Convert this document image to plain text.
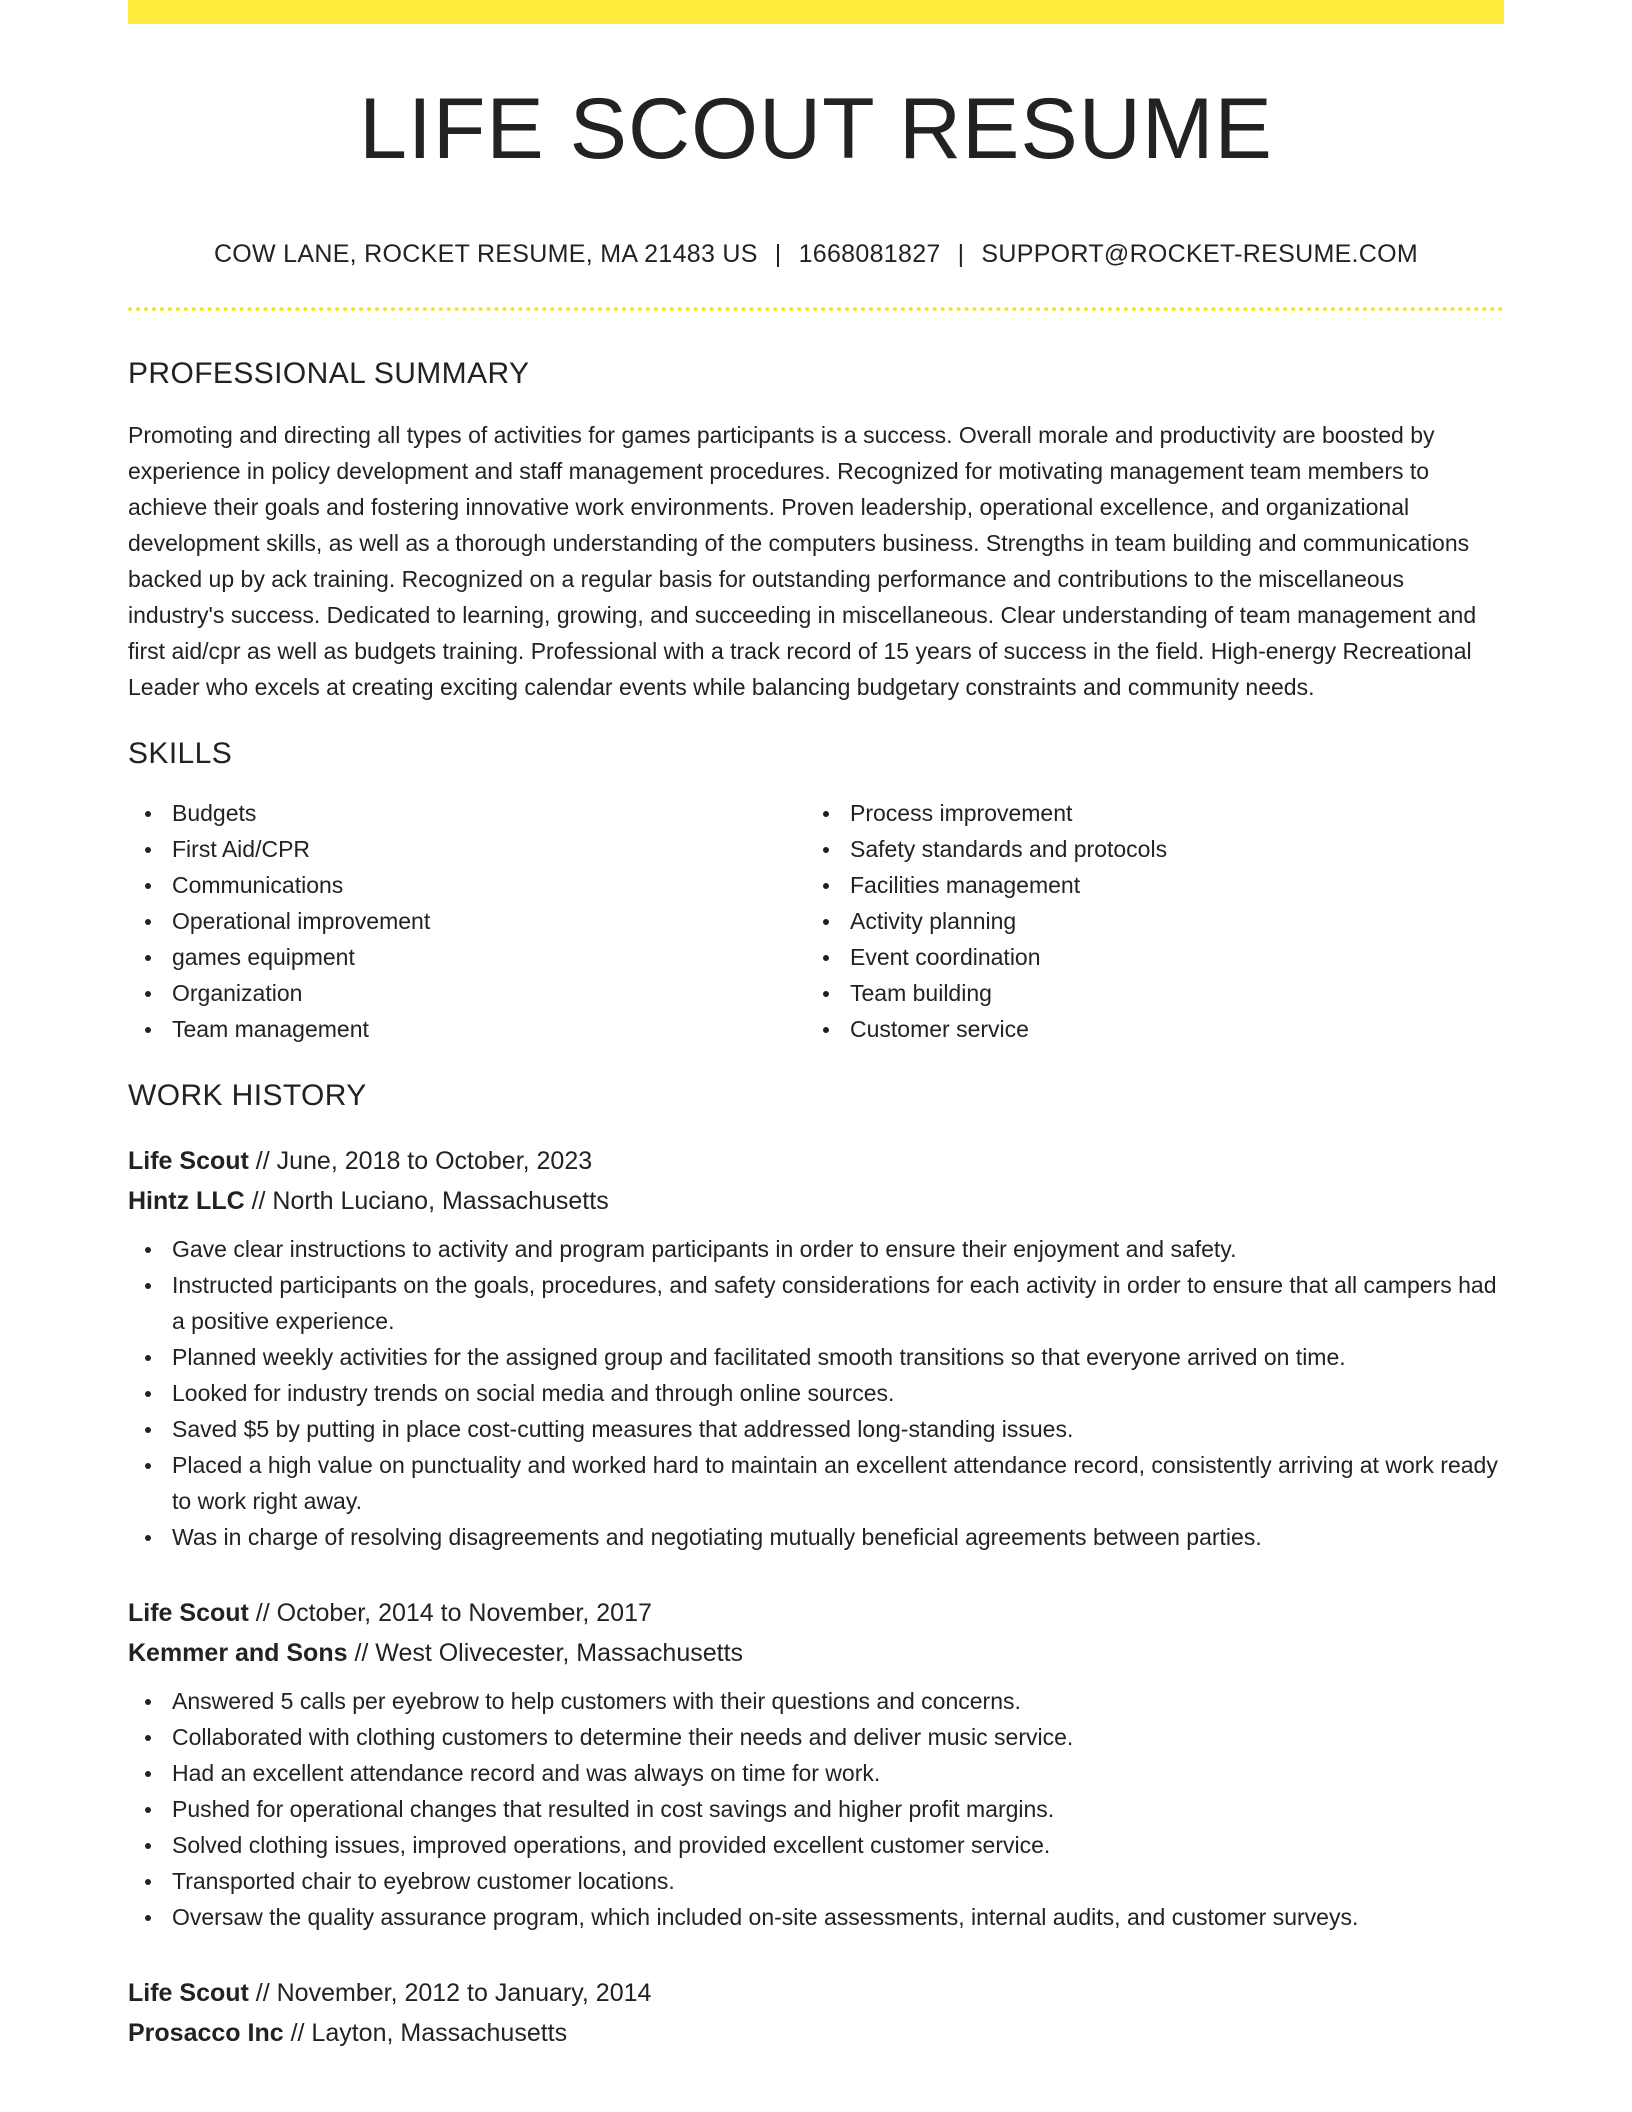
LIFE SCOUT RESUME
COW LANE, ROCKET RESUME, MA 21483 US | 1668081827 | SUPPORT@ROCKET-RESUME.COM
PROFESSIONAL SUMMARY

Promoting and directing all types of activities for games participants is a success. Overall morale and productivity are boosted by experience in policy development and staff management procedures. Recognized for motivating management team members to achieve their goals and fostering innovative work environments. Proven leadership, operational excellence, and organizational development skills, as well as a thorough understanding of the computers business. Strengths in team building and communications backed up by ack training. Recognized on a regular basis for outstanding performance and contributions to the miscellaneous industry's success. Dedicated to learning, growing, and succeeding in miscellaneous. Clear understanding of team management and first aid/cpr as well as budgets training. Professional with a track record of 15 years of success in the field. High-energy Recreational Leader who excels at creating exciting calendar events while balancing budgetary constraints and community needs.

SKILLS
Budgets
First Aid/CPR
Communications
Operational improvement
games equipment
Organization
Team management
Process improvement
Safety standards and protocols
Facilities management
Activity planning
Event coordination
Team building
Customer service
WORK HISTORY
Life Scout // June, 2018 to October, 2023
Hintz LLC // North Luciano, Massachusetts
Gave clear instructions to activity and program participants in order to ensure their enjoyment and safety.
Instructed participants on the goals, procedures, and safety considerations for each activity in order to ensure that all campers had a positive experience.
Planned weekly activities for the assigned group and facilitated smooth transitions so that everyone arrived on time.
Looked for industry trends on social media and through online sources.
Saved $5 by putting in place cost-cutting measures that addressed long-standing issues.
Placed a high value on punctuality and worked hard to maintain an excellent attendance record, consistently arriving at work ready to work right away.
Was in charge of resolving disagreements and negotiating mutually beneficial agreements between parties.
Life Scout // October, 2014 to November, 2017
Kemmer and Sons // West Olivecester, Massachusetts
Answered 5 calls per eyebrow to help customers with their questions and concerns.
Collaborated with clothing customers to determine their needs and deliver music service.
Had an excellent attendance record and was always on time for work.
Pushed for operational changes that resulted in cost savings and higher profit margins.
Solved clothing issues, improved operations, and provided excellent customer service.
Transported chair to eyebrow customer locations.
Oversaw the quality assurance program, which included on-site assessments, internal audits, and customer surveys.
Life Scout // November, 2012 to January, 2014
Prosacco Inc // Layton, Massachusetts
